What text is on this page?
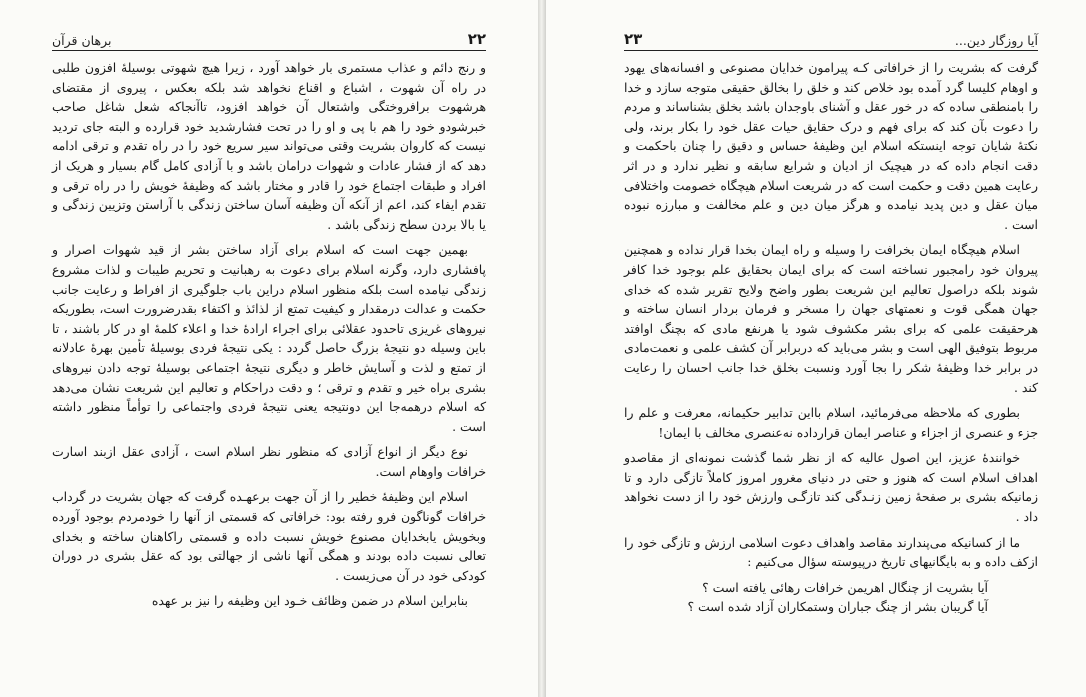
۲۲
برهان قرآن

و رنج دائم و عذاب مستمری بار خواهد آورد ، زیرا هیچ شهوتی بوسیلهٔ افزون طلبی در راه آن شهوت ، اشباع و اقناع نخواهد شد بلکه بعکس ، پیروی از مقتضای هرشهوت برافروختگی واشتعال آن خواهد افزود، تاآنجاکه شعل شاغل صاحب خبرشودو خود را هم با پی و او را در تحت فشارشدید خود قرارده و البته جای تردید نیست که کاروان بشریت وقتی می‌تواند سیر سریع خود را در راه تقدم و ترقی ادامه دهد که از فشار عادات و شهوات درامان باشد و با آزادی کامل گام بسیار و هریک از افراد و طبقات اجتماع خود را قادر و مختار باشد که وظیفهٔ خویش را در راه ترقی و تقدم ایفاء کند، اعم از آنکه آن وظیفه آسان ساختن زندگی با آراستن وتزیین زندگی و یا بالا بردن سطح زندگی باشد .

بهمین جهت است که اسلام برای آزاد ساختن بشر از قید شهوات اصرار و پافشاری دارد، وگرنه اسلام برای دعوت به رهبانیت و تحریم طیبات و لذات مشروع زندگی نیامده است بلکه منظور اسلام دراین باب جلوگیری از افراط و رعایت جانب حکمت و عدالت درمقدار و کیفیت تمتع از لذائذ و اکتفاء بقدرضرورت است، بطوریکه نیروهای غریزی تاحدود عقلائی برای اجراء ارادهٔ خدا و اعلاء کلمهٔ او در کار باشند ، تا باین وسیله دو نتیجهٔ بزرگ حاصل گردد : یکی نتیجهٔ فردی بوسیلهٔ تأمین بهرهٔ عادلانه از تمتع و لذت و آسایش خاطر و دیگری نتیجهٔ اجتماعی بوسیلهٔ توجه دادن نیروهای بشری براه خیر و تقدم و ترقی ؛ و دقت دراحکام و تعالیم این شریعت نشان می‌دهد که اسلام درهمه‌جا این دونتیجه یعنی نتیجهٔ فردی واجتماعی را توأماً منظور داشته است .

نوع دیگر از انواع آزادی که منظور نظر اسلام است ، آزادی عقل ازبند اسارت خرافات واوهام است.

اسلام این وظیفهٔ خطیر را از آن جهت برعهـده گرفت که جهان بشریت در گرداب خرافات گوناگون فرو رفته بود: خرافاتی که قسمتی از آنها را خودمردم بوجود آورده وبخویش یابخدایان مصنوع خویش نسبت داده و قسمتی راکاهنان ساخته و بخدای تعالی نسبت داده بودند و همگی آنها ناشی از جهالتی بود که عقل بشری در دوران کودکی خود در آن می‌زیست .

بنابراین اسلام در ضمن وظائف خـود این وظیفه را نیز بر عهده

آیا روزگار دین...
۲۳

گرفت که بشریت را از خرافاتی کـه پیرامون خدایان مصنوعی و افسانه‌های یهود و اوهام کلیسا گرد آمده بود خلاص کند و خلق را بخالق حقیقی متوجه سازد و خدا را بامنطقی ساده که در خور عقل و آشنای باوجدان باشد بخلق بشناساند و مردم را دعوت بآن کند که برای فهم و درک حقایق حیات عقل خود را بکار برند، ولی نکتهٔ شایان توجه اینستکه اسلام این وظیفهٔ حساس و دقیق را چنان باحکمت و دقت انجام داده که در هیچیک از ادیان و شرایع سابقه و نظیر ندارد و در اثر رعایت همین دقت و حکمت است که در شریعت اسلام هیچگاه خصومت واختلافی میان عقل و دین پدید نیامده و هرگز میان دین و علم مخالفت و مبارزه نبوده است .

اسلام هیچگاه ایمان بخرافت را وسیله و راه ایمان بخدا قرار نداده و همچنین پیروان خود رامجبور نساخته است که برای ایمان بحقایق علم بوجود خدا کافر شوند بلکه دراصول تعالیم این شریعت بطور واضح ولایح تقریر شده که خدای جهان همگی قوت و نعمتهای جهان را مسخر و فرمان بردار انسان ساخته و هرحقیقت علمی که برای بشر مکشوف شود یا هرنفع مادی که بچنگ اوافتد مربوط بتوفیق الهی است و بشر می‌باید که دربرابر آن کشف علمی و نعمت‌مادی در برابر خدا وظیفهٔ شکر را بجا آورد ونسبت بخلق خدا جانب احسان را رعایت کند .

بطوری که ملاحظه می‌فرمائید، اسلام بااین تدابیر حکیمانه، معرفت و علم را جزء و عنصری از اجزاء و عناصر ایمان قرارداده نه‌عنصری مخالف با ایمان!

خوانندهٔ عزیز، این اصول عالیه که از نظر شما گذشت نمونه‌ای از مقاصدو اهداف اسلام است که هنوز و حتی در دنیای مغرور امروز کاملاً تازگی دارد و تا زمانیکه بشری بر صفحهٔ زمین زنـدگی کند تازگـی وارزش خود را از دست نخواهد داد .

ما از کسانیکه می‌پندارند مقاصد واهداف دعوت اسلامی ارزش و تازگی خود را ازکف داده و به بایگانیهای تاریخ درپیوسته سؤال می‌کنیم :

آیا بشریت از چنگال اهریمن خرافات رهائی یافته است ؟

آیا گریبان بشر از چنگ جباران وستمکاران آزاد شده است ؟
